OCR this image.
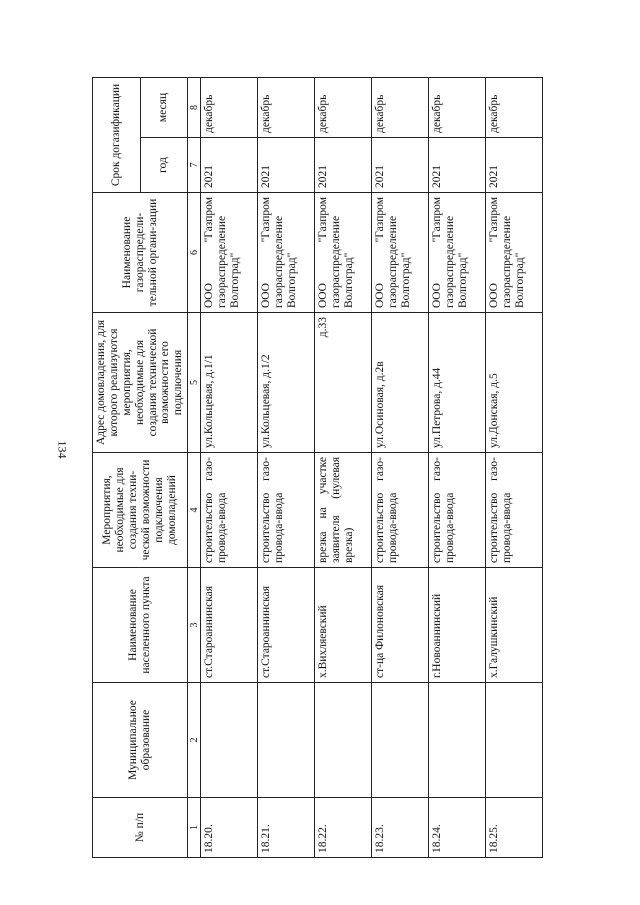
134
№ п/п	Муниципальное образование	Наименование населенного пункта	Мероприятия, необходимые для создания техни-ческой возможности подключения домовладений	Адрес домовладения, для которого реализуются мероприятия, необходимые для создания технической возможности его подключения	Наименование газораспредели-тельной органи-зации	Срок догазификации	
						год	месяц
1	2	3	4	5	6	7	8
18.20.		ст.Староаннинская	строительство газо-провода-ввода	ул.Кольцевая, д.1/1	ООО "Газпром газораспределение Волгоград"	2021	декабрь
18.21.		ст.Староаннинская	строительство газо-провода-ввода	ул.Кольцевая, д.1/2	ООО "Газпром газораспределение Волгоград"	2021	декабрь
18.22.		х.Вихляевский	врезка на участке заявителя (нулевая врезка)	д.33	ООО "Газпром газораспределение Волгоград"	2021	декабрь
18.23.		ст-ца Филоновская	строительство газо-провода-ввода	ул.Осиновая, д.2в	ООО "Газпром газораспределение Волгоград"	2021	декабрь
18.24.		г.Новоаннинский	строительство газо-провода-ввода	ул.Петрова, д.44	ООО "Газпром газораспределение Волгоград"	2021	декабрь
18.25.		х.Галушкинский	строительство газо-провода-ввода	ул.Донская, д.5	ООО "Газпром газораспределение Волгоград"	2021	декабрь
